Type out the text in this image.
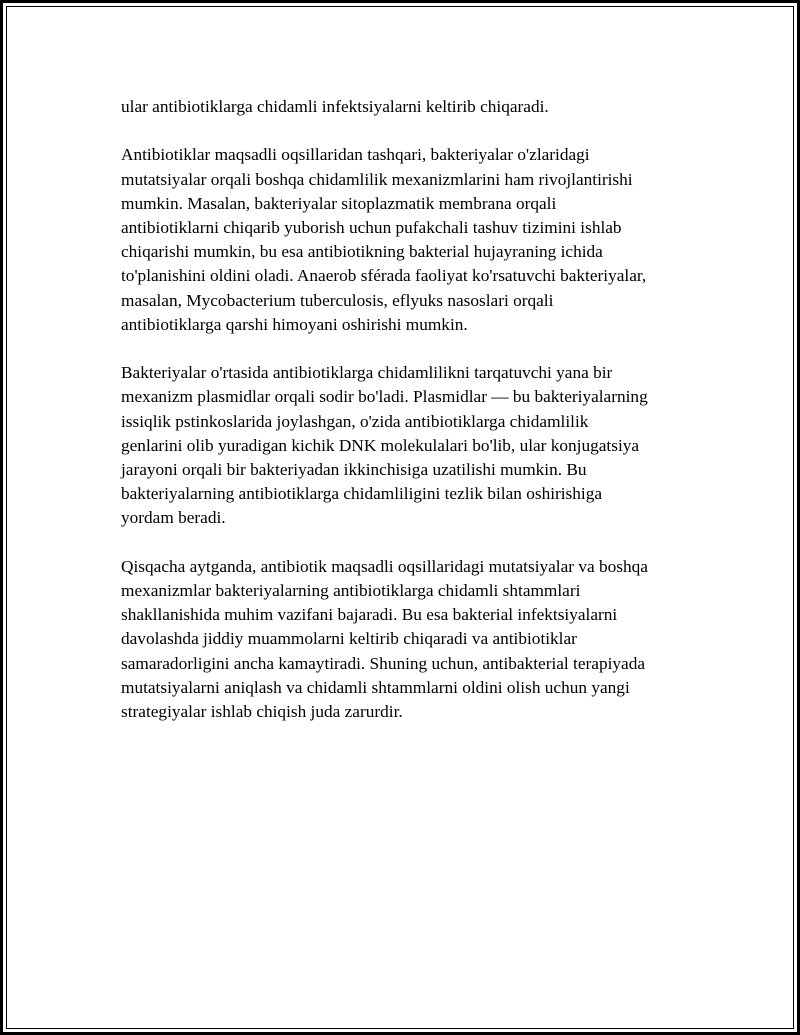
ular antibiotiklarga chidamli infektsiyalarni keltirib chiqaradi.

Antibiotiklar maqsadli oqsillaridan tashqari, bakteriyalar o'zlaridagi
mutatsiyalar orqali boshqa chidamlilik mexanizmlarini ham rivojlantirishi
mumkin. Masalan, bakteriyalar sitoplazmatik membrana orqali
antibiotiklarni chiqarib yuborish uchun pufakchali tashuv tizimini ishlab
chiqarishi mumkin, bu esa antibiotikning bakterial hujayraning ichida
to'planishini oldini oladi. Anaerob sférada faoliyat ko'rsatuvchi bakteriyalar,
masalan, Mycobacterium tuberculosis, eflyuks nasoslari orqali
antibiotiklarga qarshi himoyani oshirishi mumkin.

Bakteriyalar o'rtasida antibiotiklarga chidamlilikni tarqatuvchi yana bir
mexanizm plasmidlar orqali sodir bo'ladi. Plasmidlar — bu bakteriyalarning
issiqlik pstinkoslarida joylashgan, o'zida antibiotiklarga chidamlilik
genlarini olib yuradigan kichik DNK molekulalari bo'lib, ular konjugatsiya
jarayoni orqali bir bakteriyadan ikkinchisiga uzatilishi mumkin. Bu
bakteriyalarning antibiotiklarga chidamliligini tezlik bilan oshirishiga
yordam beradi.

Qisqacha aytganda, antibiotik maqsadli oqsillaridagi mutatsiyalar va boshqa
mexanizmlar bakteriyalarning antibiotiklarga chidamli shtammlari
shakllanishida muhim vazifani bajaradi. Bu esa bakterial infektsiyalarni
davolashda jiddiy muammolarni keltirib chiqaradi va antibiotiklar
samaradorligini ancha kamaytiradi. Shuning uchun, antibakterial terapiyada
mutatsiyalarni aniqlash va chidamli shtammlarni oldini olish uchun yangi
strategiyalar ishlab chiqish juda zarurdir.
